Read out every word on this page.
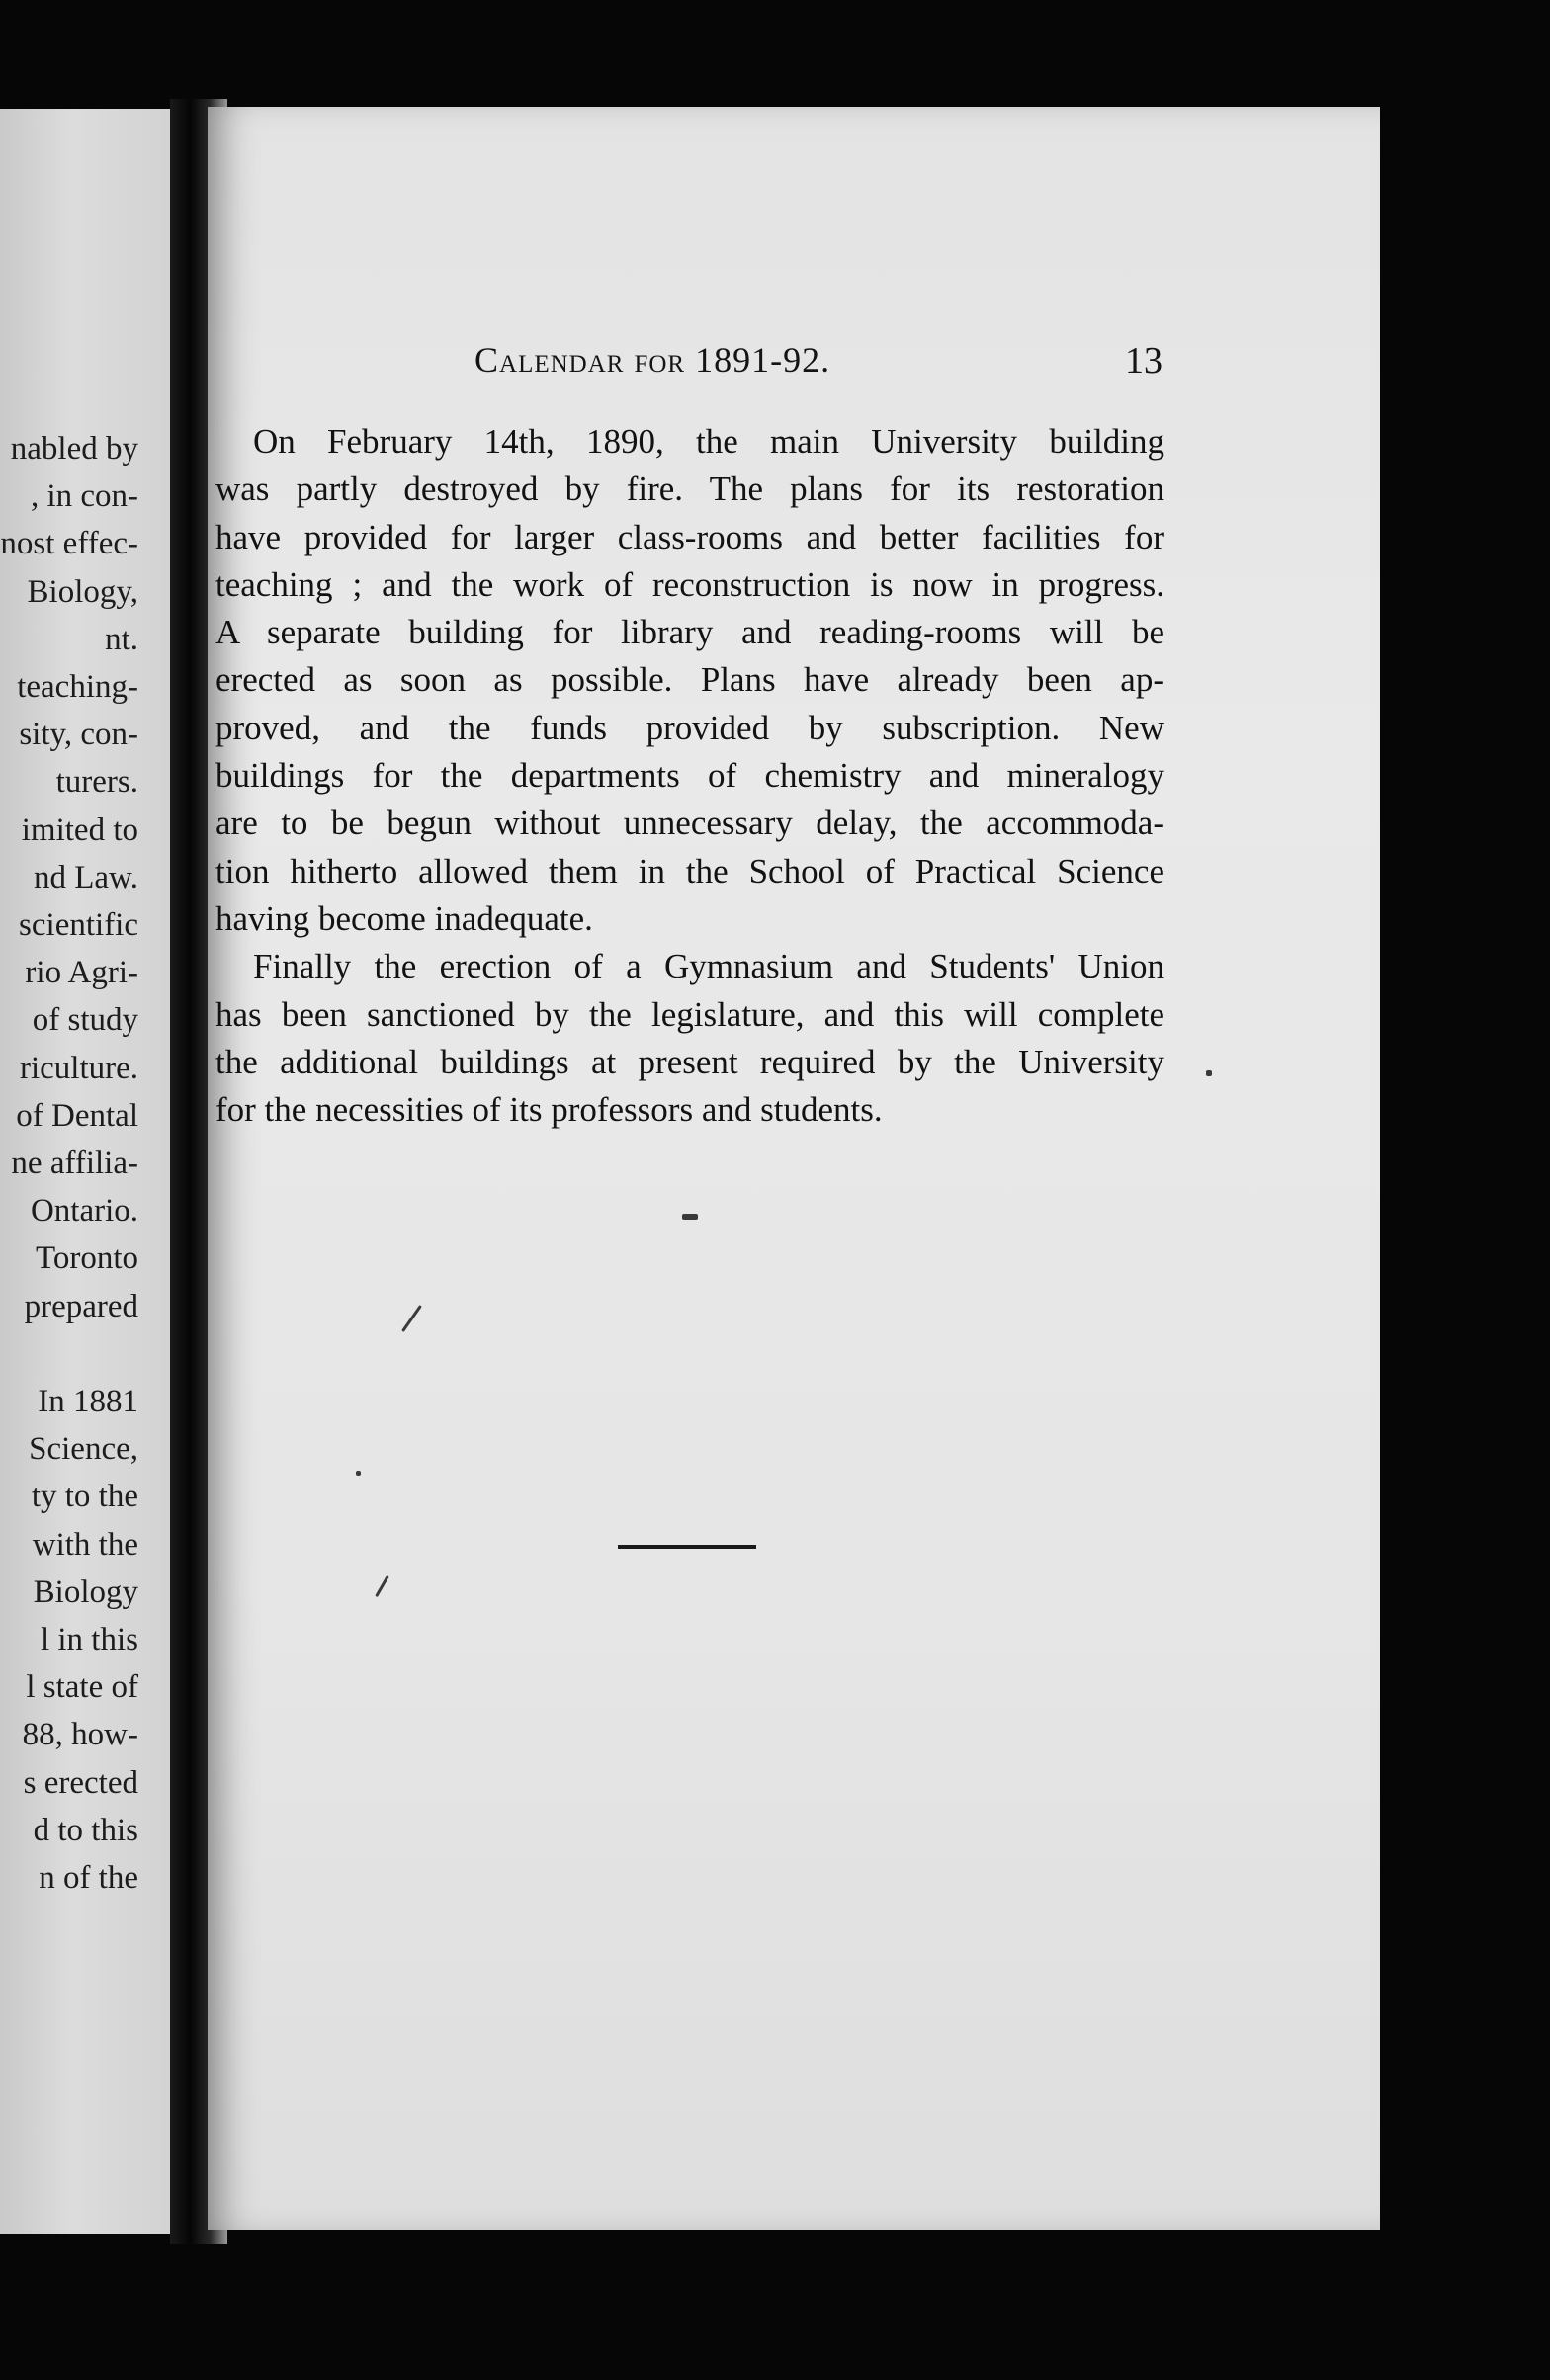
nabled by
, in con-
nost effec-
Biology,
nt.
teaching-
sity, con-
turers.
imited to
nd Law.
scientific
rio Agri-
of study
riculture.
of Dental
ne affilia-
Ontario.
Toronto
prepared

In 1881
Science,
ty to the
with the
Biology
l in this
l state of
88, how-
s erected
d to this
n of the
Calendar for 1891-92.	13
On February 14th, 1890, the main University building
was partly destroyed by fire. The plans for its restoration
have provided for larger class-rooms and better facilities for
teaching ; and the work of reconstruction is now in progress.
A separate building for library and reading-rooms will be
erected as soon as possible. Plans have already been ap-
proved, and the funds provided by subscription. New
buildings for the departments of chemistry and mineralogy
are to be begun without unnecessary delay, the accommoda-
tion hitherto allowed them in the School of Practical Science
having become inadequate.
Finally the erection of a Gymnasium and Students' Union
has been sanctioned by the legislature, and this will complete
the additional buildings at present required by the University
for the necessities of its professors and students.
